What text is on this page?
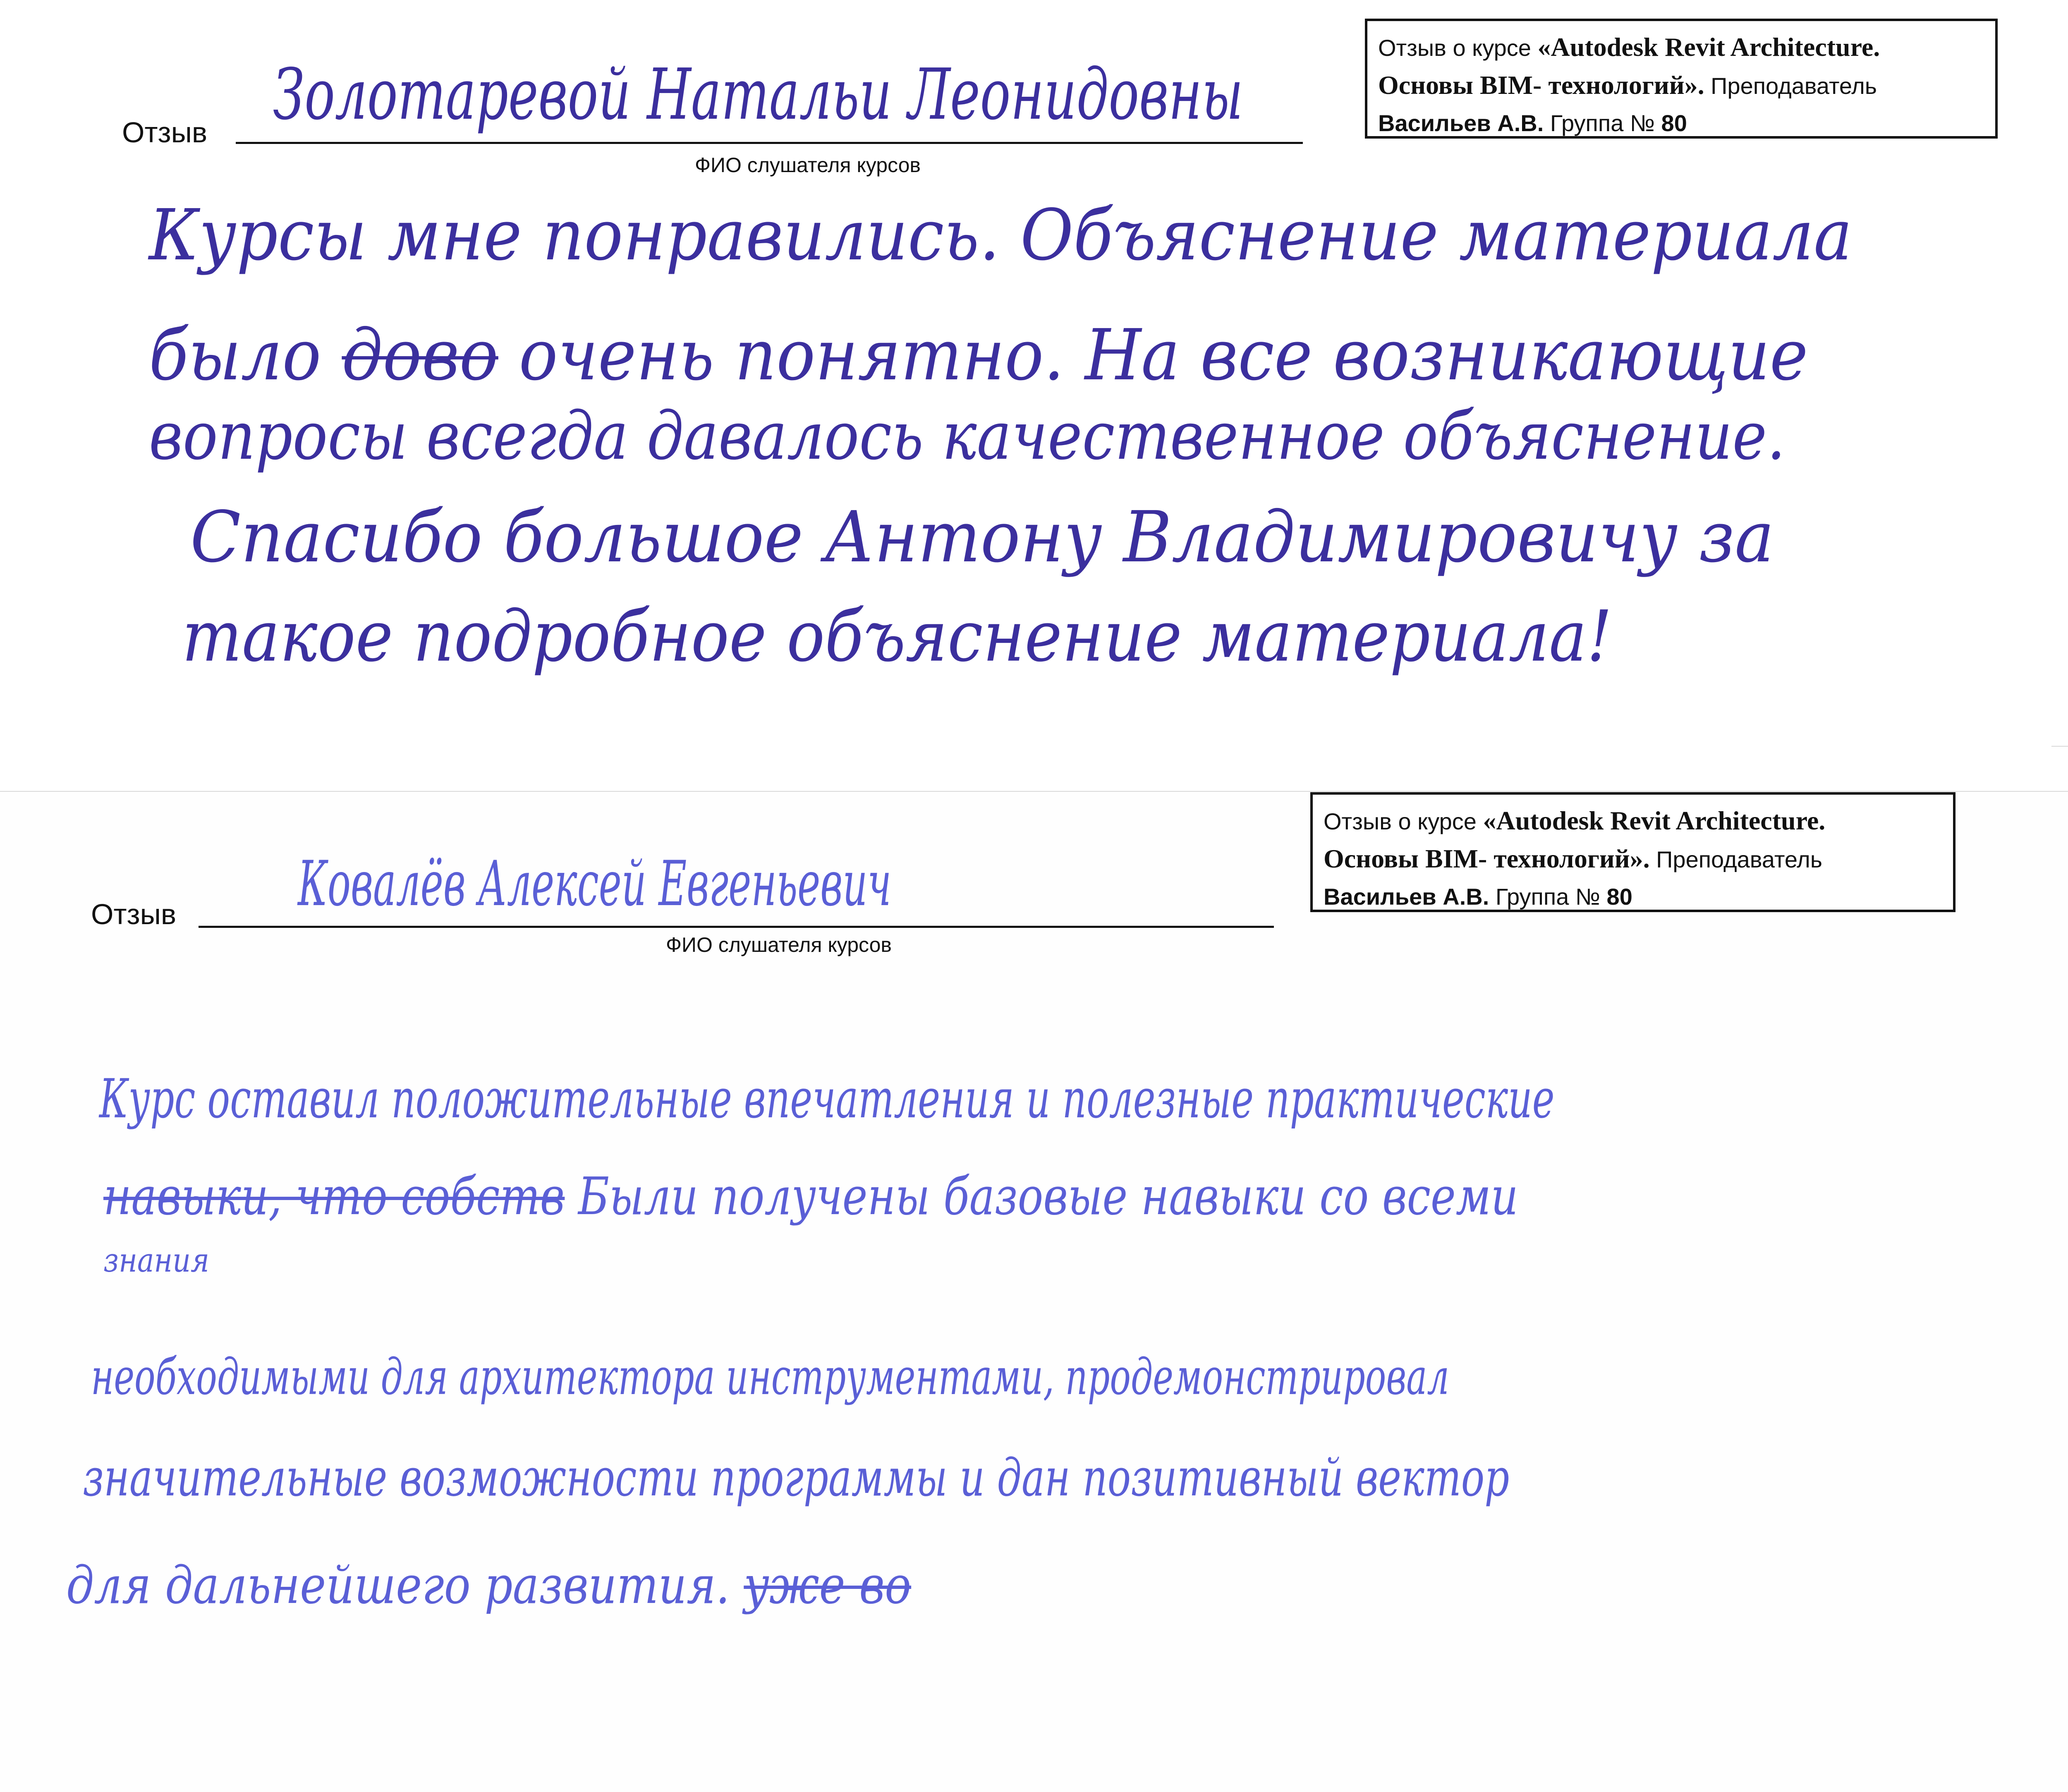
Отзыв о курсе «Autodesk Revit Architecture.
Основы BIM- технологий». Преподаватель
Васильев А.В. Группа № 80
Отзыв
ФИО слушателя курсов
Золотаревой Натальи Леонидовны
Курсы мне понравились. Объяснение материала
было дово очень понятно. На все возникающие
вопросы всегда давалось качественное объяснение.
Спасибо большое Антону Владимировичу за
такое подробное объяснение материала!
Отзыв о курсе «Autodesk Revit Architecture.
Основы BIM- технологий». Преподаватель
Васильев А.В. Группа № 80
Отзыв
ФИО слушателя курсов
Ковалёв Алексей Евгеньевич
Курс оставил положительные впечатления и полезные практические
навыки, что собств Были получены базовые навыки со всеми
знания
необходимыми для архитектора инструментами, продемонстрировал
значительные возможности программы и дан позитивный вектор
для дальнейшего развития. уже во
